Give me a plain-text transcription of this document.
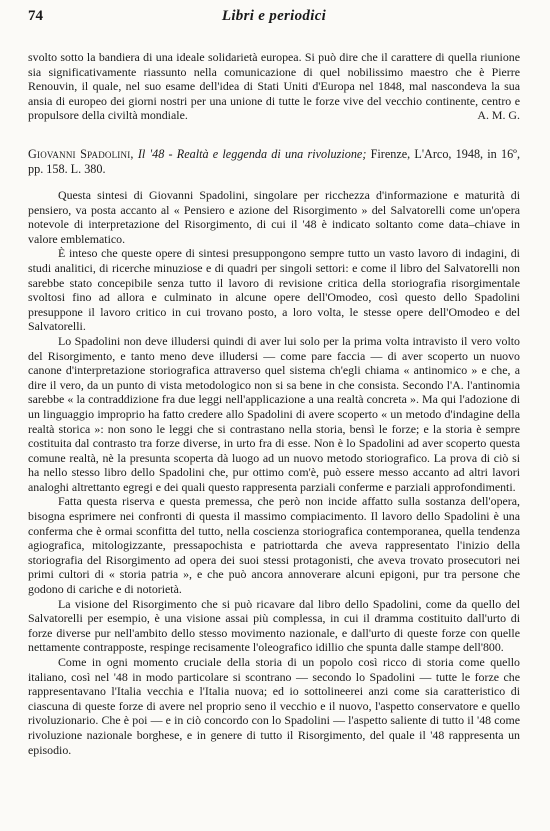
74	Libri e periodici

svolto sotto la bandiera di una ideale solidarietà europea. Si può dire che il carattere di quella riunione sia significativamente riassunto nella comunicazione di quel nobilissimo maestro che è Pierre Renouvin, il quale, nel suo esame dell'idea di Stati Uniti d'Europa nel 1848, mal nascondeva la sua ansia di europeo dei giorni nostri per una unione di tutte le forze vive del vecchio continente, centro e propulsore della civiltà mondiale.	A. M. G.
Giovanni Spadolini, Il '48 - Realtà e leggenda di una rivoluzione; Firenze, L'Arco, 1948, in 16º, pp. 158. L. 380.

Questa sintesi di Giovanni Spadolini, singolare per ricchezza d'informazione e maturità di pensiero, va posta accanto al « Pensiero e azione del Risorgimento » del Salvatorelli come un'opera notevole di interpretazione del Risorgimento, di cui il '48 è indicato soltanto come data–chiave in valore emblematico.

È inteso che queste opere di sintesi presuppongono sempre tutto un vasto lavoro di indagini, di studi analitici, di ricerche minuziose e di quadri per singoli settori: e come il libro del Salvatorelli non sarebbe stato concepibile senza tutto il lavoro di revisione critica della storiografia risorgimentale svoltosi fino ad allora e culminato in alcune opere dell'Omodeo, così questo dello Spadolini presuppone il lavoro critico in cui trovano posto, a loro volta, le stesse opere dell'Omodeo e del Salvatorelli.

Lo Spadolini non deve illudersi quindi di aver lui solo per la prima volta intravisto il vero volto del Risorgimento, e tanto meno deve illudersi — come pare faccia — di aver scoperto un nuovo canone d'interpretazione storiografica attraverso quel sistema ch'egli chiama « antinomico » e che, a dire il vero, da un punto di vista metodologico non si sa bene in che consista. Secondo l'A. l'antinomia sarebbe « la contraddizione fra due leggi nell'applicazione a una realtà concreta ». Ma qui l'adozione di un linguaggio improprio ha fatto credere allo Spadolini di avere scoperto « un metodo d'indagine della realtà storica »: non sono le leggi che si contrastano nella storia, bensì le forze; e la storia è sempre costituita dal contrasto tra forze diverse, in urto fra di esse. Non è lo Spadolini ad aver scoperto questa comune realtà, nè la presunta scoperta dà luogo ad un nuovo metodo storiografico. La prova di ciò si ha nello stesso libro dello Spadolini che, pur ottimo com'è, può essere messo accanto ad altri lavori analoghi altrettanto egregi e dei quali questo rappresenta parziali conferme e parziali approfondimenti.

Fatta questa riserva e questa premessa, che però non incide affatto sulla sostanza dell'opera, bisogna esprimere nei confronti di questa il massimo compiacimento. Il lavoro dello Spadolini è una conferma che è ormai sconfitta del tutto, nella coscienza storiografica contemporanea, quella tendenza agiografica, mitologizzante, pressapochista e patriottarda che aveva rappresentato l'inizio della storiografia del Risorgimento ad opera dei suoi stessi protagonisti, che aveva trovato prosecutori nei primi cultori di « storia patria », e che può ancora annoverare alcuni epigoni, pur tra persone che godono di cariche e di notorietà.

La visione del Risorgimento che si può ricavare dal libro dello Spadolini, come da quello del Salvatorelli per esempio, è una visione assai più complessa, in cui il dramma costituito dall'urto di forze diverse pur nell'ambito dello stesso movimento nazionale, e dall'urto di queste forze con quelle nettamente contrapposte, respinge recisamente l'oleografico idillio che spunta dalle stampe dell'800.

Come in ogni momento cruciale della storia di un popolo così ricco di storia come quello italiano, così nel '48 in modo particolare si scontrano — secondo lo Spadolini — tutte le forze che rappresentavano l'Italia vecchia e l'Italia nuova; ed io sottolineerei anzi come sia caratteristico di ciascuna di queste forze di avere nel proprio seno il vecchio e il nuovo, l'aspetto conservatore e quello rivoluzionario. Che è poi — e in ciò concordo con lo Spadolini — l'aspetto saliente di tutto il '48 come rivoluzione nazionale borghese, e in genere di tutto il Risorgimento, del quale il '48 rappresenta un episodio.
